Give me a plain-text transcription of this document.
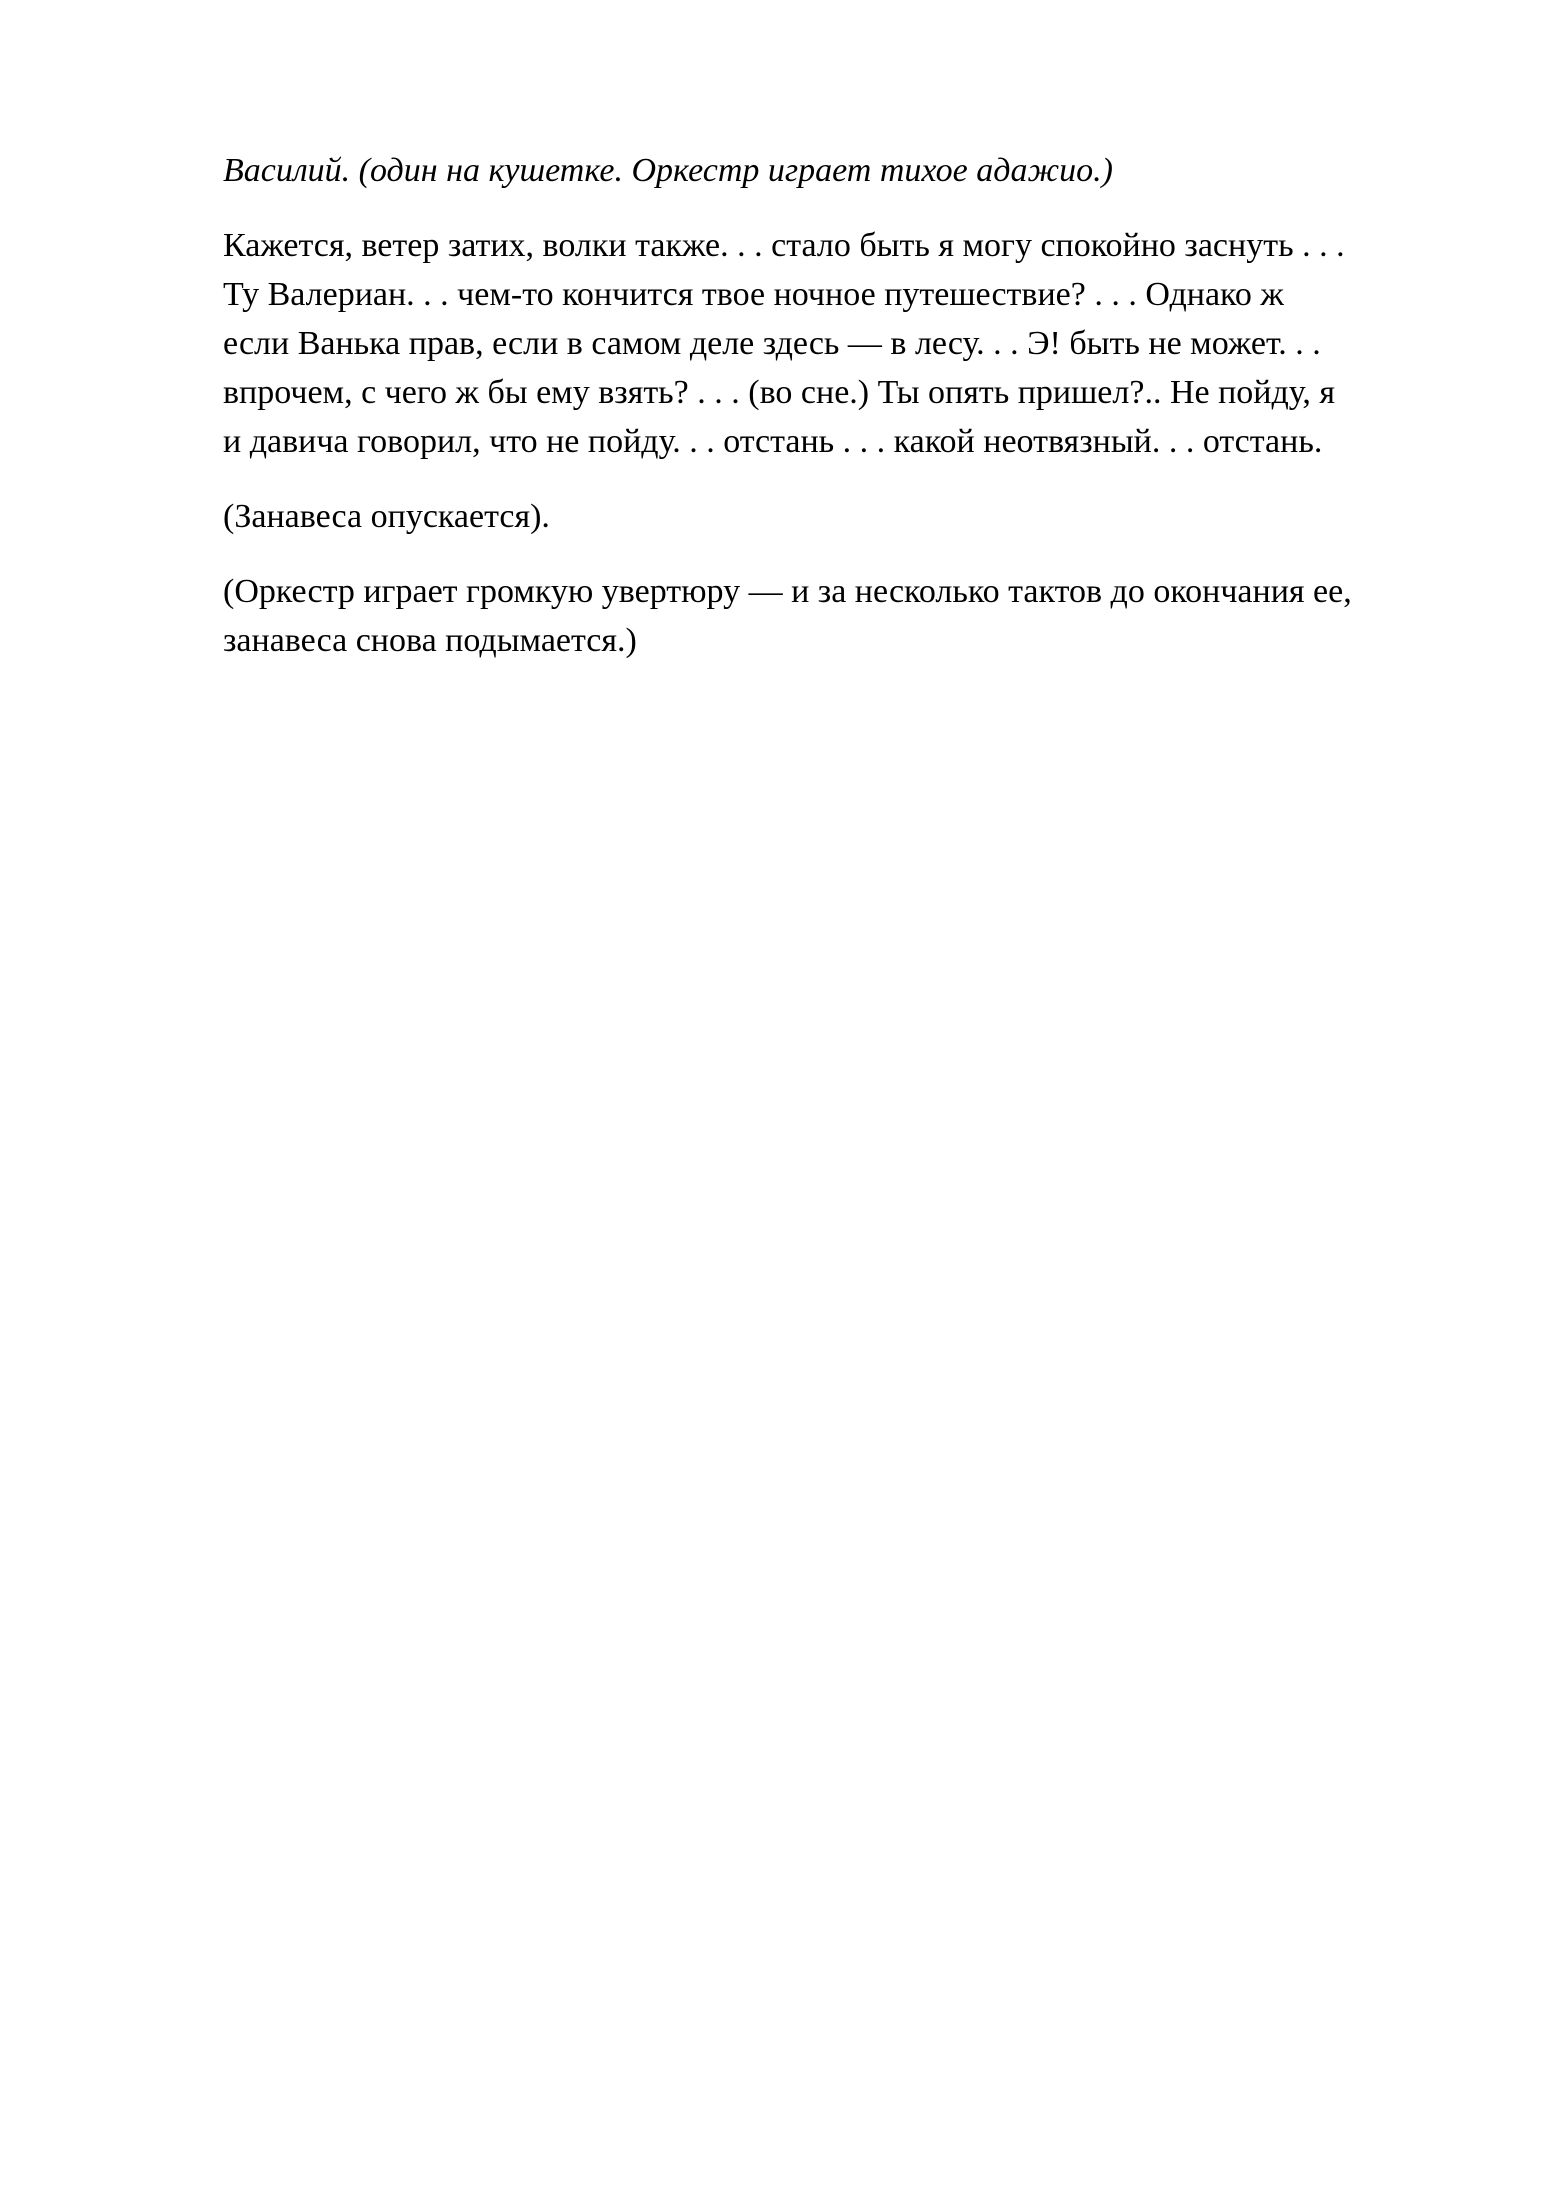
Василий. (один на кушетке. Оркестр играет тихое адажио.)

Кажется, ветер затих, волки также. . . стало быть я могу спокойно заснуть . . .
Ту Валериан. . . чем-то кончится твое ночное путешествие? . . . Однако ж
если Ванька прав, если в самом деле здесь — в лесу. . . Э! быть не может. . .
впрочем, с чего ж бы ему взять? . . . (во сне.) Ты опять пришел?.. Не пойду, я
и давича говорил, что не пойду. . . отстань . . . какой неотвязный. . . отстань.

(Занавеса опускается).

(Оркестр играет громкую увертюру — и за несколько тактов до окончания ее,
занавеса снова подымается.)
